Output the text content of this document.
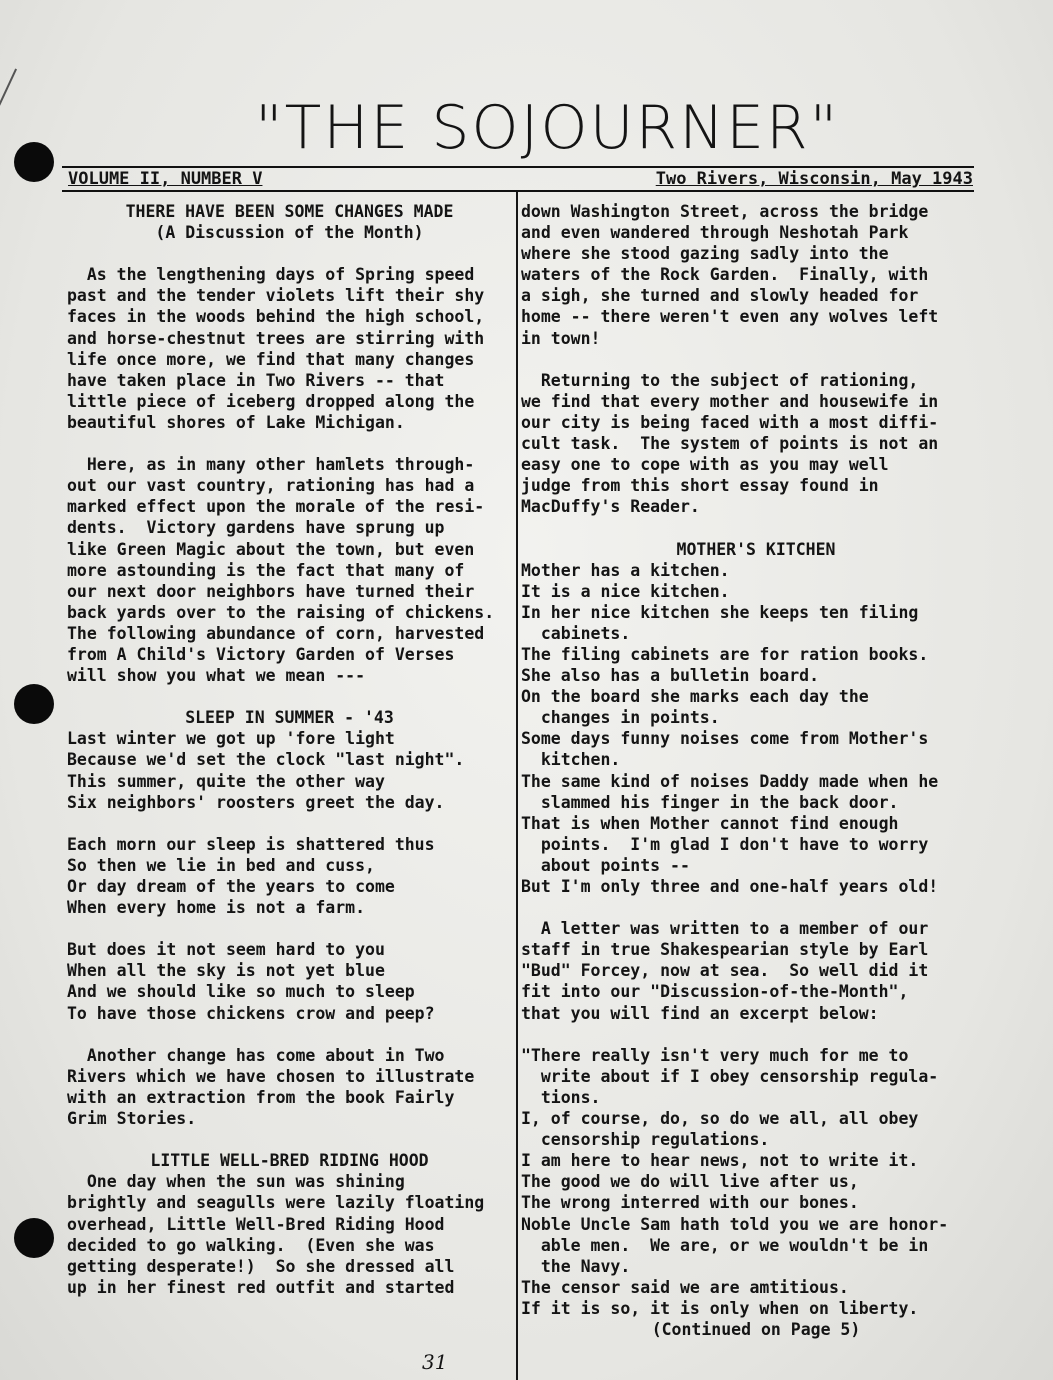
"THE SOJOURNER"
VOLUME II, NUMBER V	Two Rivers, Wisconsin, May 1943
THERE HAVE BEEN SOME CHANGES MADE
(A Discussion of the Month)
As the lengthening days of Spring speed
past and the tender violets lift their shy
faces in the woods behind the high school,
and horse-chestnut trees are stirring with
life once more, we find that many changes
have taken place in Two Rivers -- that
little piece of iceberg dropped along the
beautiful shores of Lake Michigan.
Here, as in many other hamlets through-
out our vast country, rationing has had a
marked effect upon the morale of the resi-
dents.  Victory gardens have sprung up
like Green Magic about the town, but even
more astounding is the fact that many of
our next door neighbors have turned their
back yards over to the raising of chickens.
The following abundance of corn, harvested
from A Child's Victory Garden of Verses
will show you what we mean ---
SLEEP IN SUMMER - '43
Last winter we got up 'fore light
Because we'd set the clock "last night".
This summer, quite the other way
Six neighbors' roosters greet the day.
Each morn our sleep is shattered thus
So then we lie in bed and cuss,
Or day dream of the years to come
When every home is not a farm.
But does it not seem hard to you
When all the sky is not yet blue
And we should like so much to sleep
To have those chickens crow and peep?
Another change has come about in Two
Rivers which we have chosen to illustrate
with an extraction from the book Fairly
Grim Stories.
LITTLE WELL-BRED RIDING HOOD
One day when the sun was shining
brightly and seagulls were lazily floating
overhead, Little Well-Bred Riding Hood
decided to go walking.  (Even she was
getting desperate!)  So she dressed all
up in her finest red outfit and started
down Washington Street, across the bridge
and even wandered through Neshotah Park
where she stood gazing sadly into the
waters of the Rock Garden.  Finally, with
a sigh, she turned and slowly headed for
home -- there weren't even any wolves left
in town!
Returning to the subject of rationing,
we find that every mother and housewife in
our city is being faced with a most diffi-
cult task.  The system of points is not an
easy one to cope with as you may well
judge from this short essay found in
MacDuffy's Reader.
MOTHER'S KITCHEN
Mother has a kitchen.
It is a nice kitchen.
In her nice kitchen she keeps ten filing
cabinets.
The filing cabinets are for ration books.
She also has a bulletin board.
On the board she marks each day the
changes in points.
Some days funny noises come from Mother's
kitchen.
The same kind of noises Daddy made when he
slammed his finger in the back door.
That is when Mother cannot find enough
points.  I'm glad I don't have to worry
about points --
But I'm only three and one-half years old!
A letter was written to a member of our
staff in true Shakespearian style by Earl
"Bud" Forcey, now at sea.  So well did it
fit into our "Discussion-of-the-Month",
that you will find an excerpt below:
"There really isn't very much for me to
write about if I obey censorship regula-
tions.
I, of course, do, so do we all, all obey
censorship regulations.
I am here to hear news, not to write it.
The good we do will live after us,
The wrong interred with our bones.
Noble Uncle Sam hath told you we are honor-
able men.  We are, or we wouldn't be in
the Navy.
The censor said we are amtitious.
If it is so, it is only when on liberty.
(Continued on Page 5)
31
